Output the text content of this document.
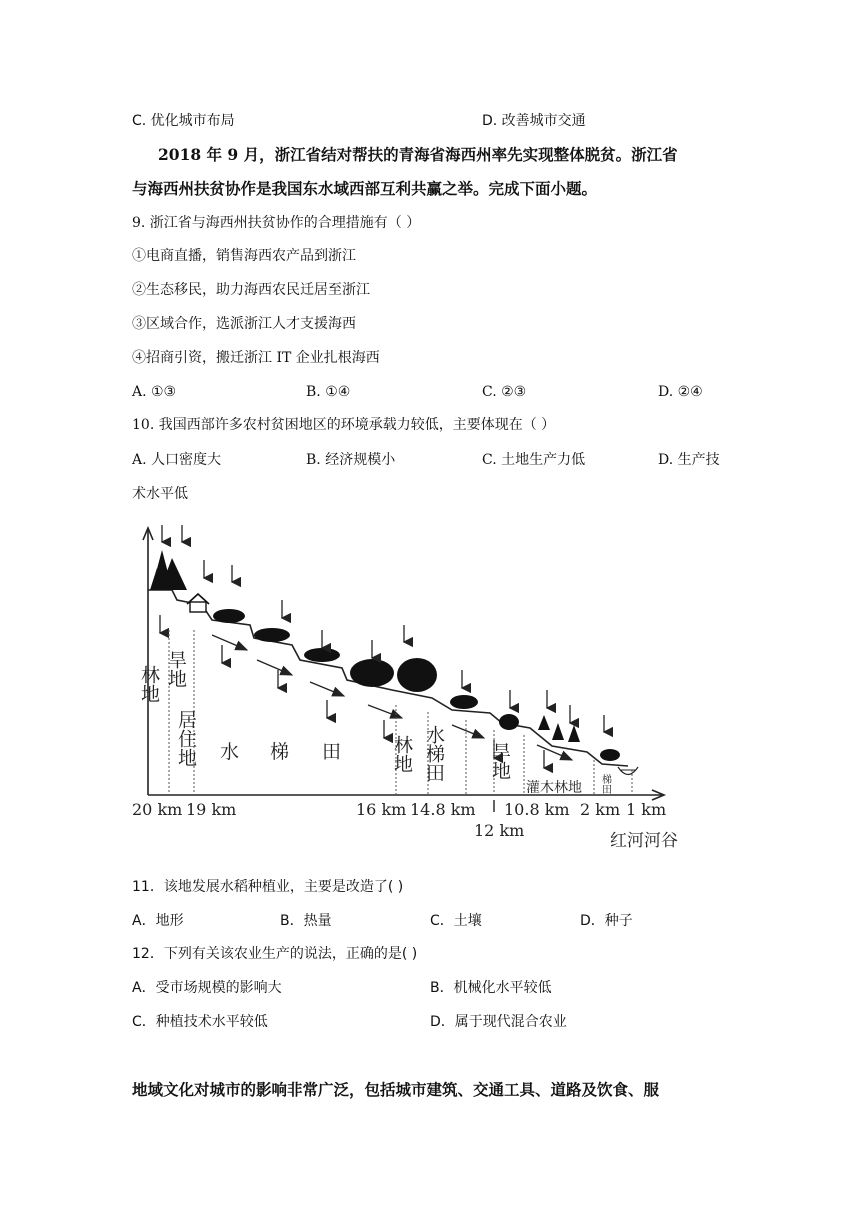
C. 优化城市布局	D. 改善城市交通
2018 年 9 月，浙江省结对帮扶的青海省海西州率先实现整体脱贫。浙江省
与海西州扶贫协作是我国东水域西部互利共赢之举。完成下面小题。
9. 浙江省与海西州扶贫协作的合理措施有（ ）
①电商直播，销售海西农产品到浙江
②生态移民，助力海西农民迁居至浙江
③区域合作，选派浙江人才支援海西
④招商引资，搬迁浙江 IT 企业扎根海西
A. ①③	B. ①④	C. ②③	D. ②④
10. 我国西部许多农村贫困地区的环境承载力较低，主要体现在（ ）
A. 人口密度大	B. 经济规模小	C. 土地生产力低	D. 生产技
术水平低
林地 旱地
居住地 水 梯 田	林地 水梯田 旱地
灌木林地 梯田
20 km 19 km	16 km 14.8 km 10.8 km 2 km 1 km
12 km
红河河谷
11．该地发展水稻种植业，主要是改造了( )
A．地形	B．热量	C．土壤	D．种子
12．下列有关该农业生产的说法，正确的是( )
A．受市场规模的影响大	B．机械化水平较低
C．种植技术水平较低	D．属于现代混合农业
地域文化对城市的影响非常广泛，包括城市建筑、交通工具、道路及饮食、服
